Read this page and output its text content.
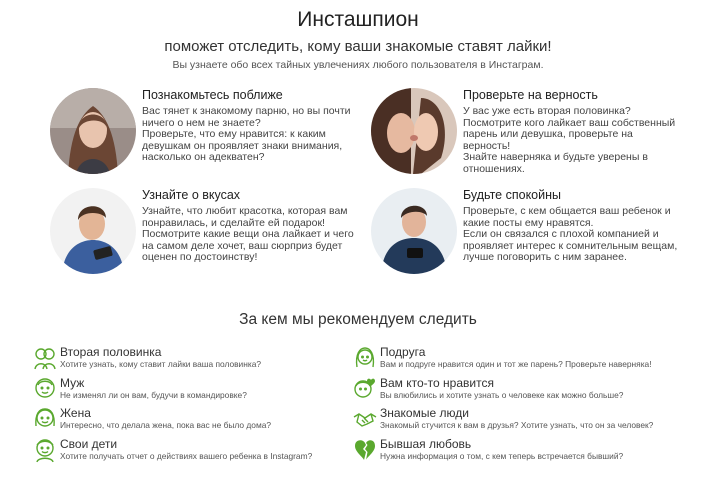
Инсташпион
поможет отследить, кому ваши знакомые ставят лайки!
Вы узнаете обо всех тайных увлечениях любого пользователя в Инстаграм.
Познакомьтесь поближе

Вас тянет к знакомому парню, но вы почти ничего о нем не знаете?

Проверьте, что ему нравится: к каким девушкам он проявляет знаки внимания, насколько он адекватен?

Проверьте на верность

У вас уже есть вторая половинка? Посмотрите кого лайкает ваш собственный парень или девушка, проверьте на верность!

Знайте наверняка и будьте уверены в отношениях.

Узнайте о вкусах

Узнайте, что любит красотка, которая вам понравилась, и сделайте ей подарок!

Посмотрите какие вещи она лайкает и чего на самом деле хочет, ваш сюрприз будет оценен по достоинству!

Будьте спокойны

Проверьте, с кем общается ваш ребенок и какие посты ему нравятся.

Если он связался с плохой компанией и проявляет интерес к сомнительным вещам, лучше поговорить с ним заранее.

За кем мы рекомендуем следить
Вторая половинка
Хотите узнать, кому ставит лайки ваша половинка?
Муж
Не изменял ли он вам, будучи в командировке?
Жена
Интересно, что делала жена, пока вас не было дома?
Свои дети
Хотите получать отчет о действиях вашего ребенка в Instagram?
Подруга
Вам и подруге нравится один и тот же парень? Проверьте наверняка!
Вам кто-то нравится
Вы влюбились и хотите узнать о человеке как можно больше?
Знакомые люди
Знакомый стучится к вам в друзья? Хотите узнать, что он за человек?
Бывшая любовь
Нужна информация о том, с кем теперь встречается бывший?
